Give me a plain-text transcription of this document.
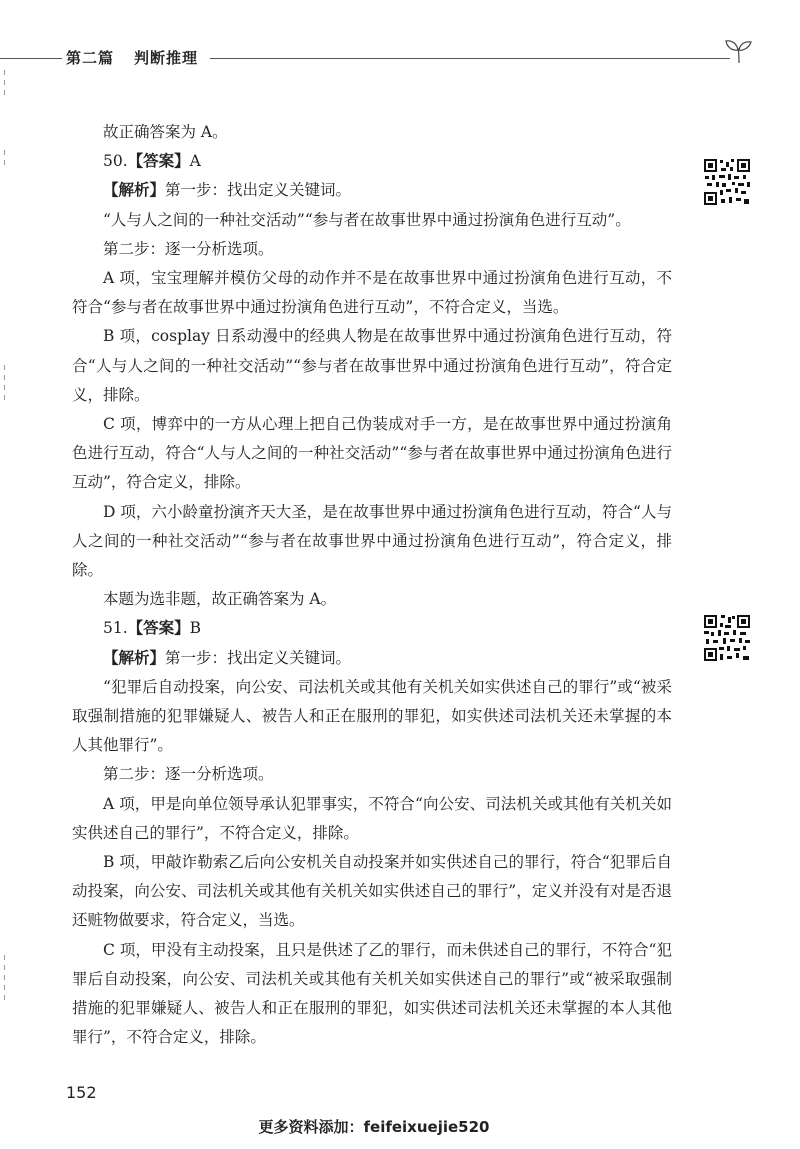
第二篇 判断推理

故正确答案为 A。

50.【答案】A

【解析】第一步：找出定义关键词。

“人与人之间的一种社交活动”“参与者在故事世界中通过扮演角色进行互动”。

第二步：逐一分析选项。

A 项，宝宝理解并模仿父母的动作并不是在故事世界中通过扮演角色进行互动，不符合“参与者在故事世界中通过扮演角色进行互动”，不符合定义，当选。

B 项，cosplay 日系动漫中的经典人物是在故事世界中通过扮演角色进行互动，符合“人与人之间的一种社交活动”“参与者在故事世界中通过扮演角色进行互动”，符合定义，排除。

C 项，博弈中的一方从心理上把自己伪装成对手一方，是在故事世界中通过扮演角色进行互动，符合“人与人之间的一种社交活动”“参与者在故事世界中通过扮演角色进行互动”，符合定义，排除。

D 项，六小龄童扮演齐天大圣，是在故事世界中通过扮演角色进行互动，符合“人与人之间的一种社交活动”“参与者在故事世界中通过扮演角色进行互动”，符合定义，排除。

本题为选非题，故正确答案为 A。

51.【答案】B

【解析】第一步：找出定义关键词。

“犯罪后自动投案，向公安、司法机关或其他有关机关如实供述自己的罪行”或“被采取强制措施的犯罪嫌疑人、被告人和正在服刑的罪犯，如实供述司法机关还未掌握的本人其他罪行”。

第二步：逐一分析选项。

A 项，甲是向单位领导承认犯罪事实，不符合“向公安、司法机关或其他有关机关如实供述自己的罪行”，不符合定义，排除。

B 项，甲敲诈勒索乙后向公安机关自动投案并如实供述自己的罪行，符合“犯罪后自动投案，向公安、司法机关或其他有关机关如实供述自己的罪行”，定义并没有对是否退还赃物做要求，符合定义，当选。

C 项，甲没有主动投案，且只是供述了乙的罪行，而未供述自己的罪行，不符合“犯罪后自动投案，向公安、司法机关或其他有关机关如实供述自己的罪行”或“被采取强制措施的犯罪嫌疑人、被告人和正在服刑的罪犯，如实供述司法机关还未掌握的本人其他罪行”，不符合定义，排除。

152
更多资料添加：feifeixuejie520
